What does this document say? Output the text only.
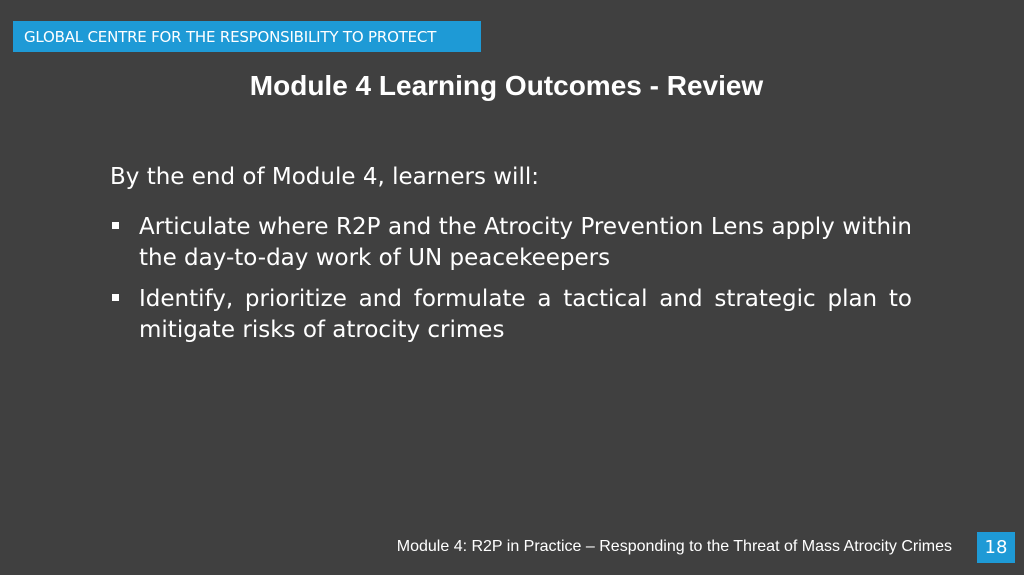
GLOBAL CENTRE FOR THE RESPONSIBILITY TO PROTECT
Module 4 Learning Outcomes - Review
By the end of Module 4, learners will:
Articulate where R2P and the Atrocity Prevention Lens apply within the day-to-day work of UN peacekeepers
Identify, prioritize and formulate a tactical and strategic plan to mitigate risks of atrocity crimes
Module 4: R2P in Practice – Responding to the Threat of Mass Atrocity Crimes 18
